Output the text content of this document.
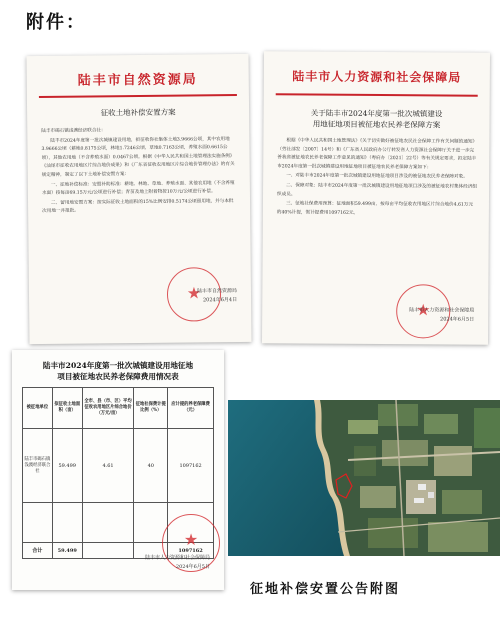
附件：
陆丰市自然资源局
征收土地补偿安置方案

陆丰市碣石镇浅澳经济联合社：

陆丰市2024年度第一批次城镇建设用地，拟征收你社集体土地3.9666公顷，其中农用地3.9666公顷（耕地0.8175公顷，林地1.7246公顷，草地0.7163公顷，养殖水面0.6615公顷），其他农用地（不含养殖水面）0.0467公顷。根据《中华人民共和国土地管理法实施条例》《汕尾市征收农用地区片综合地价成果》和《广东省征收农用地区片综合地价管理办法》的有关规定精神，制定了以下土地补偿安置方案：

一、征地补偿标准：安置补助标准：耕地、林地、草地、养殖水面、其他农用地（不含养殖水面）按每亩69.15万元/公顷进行补偿；青苗及地上附着物按10万元/公顷进行补偿。

二、留用地安置方案：按实际征收土地面积的15%比例安排0.5174公顷留用地，并与本批次用地一并报批。

★
陆丰市自然资源局
2024年6月4日
陆丰市人力资源和社会保障局
关于陆丰市2024年度第一批次城镇建设
用地征地项目被征地农民养老保障方案

根据《中华人民共和国土地管理法》《关于切实做好被征地农民社会保障工作有关问题的通知》（劳社部发〔2007〕14号）和《广东省人民政府办公厅转发省人力资源社会保障厅关于进一步完善我省被征地农民养老保障工作意见的通知》（粤府办〔2021〕22号）等有关规定要求，拟定陆丰市2024年度第一批次城镇建设用地征地项目被征地农民养老保障方案如下：

一、对陆丰市2024年度第一批次城镇建设用地征地项目涉及的被征地农民养老保障对象。

二、保障对象：陆丰市2024年度第一批次城镇建设用地征地项目涉及的被征地农村集体经济组织成员。

三、征地社保费用预算：征地面积59.499亩，按每亩平均征收农用地区片综合地价4.61万元的40%计提，需计提费用1097162元。

★
陆丰市人力资源和社会保障局
2024年6月5日
陆丰市2024年度第一批次城镇建设用地征地
项目被征地农民养老保障费用情况表
被征地单位	拟征收土地面积（亩）	全市、县（市、区）平均征收农用地区片综合地价（万元/亩）	征地社保费计提比例（%）	应计提的养老保障费（元）
陆丰市碣石镇浅澳经济联合社	59.499	4.61	40	1097162

合计	59.499			1097162
★
陆丰市人力资源和社会保障局
2024年6月5日
征地补偿安置公告附图
